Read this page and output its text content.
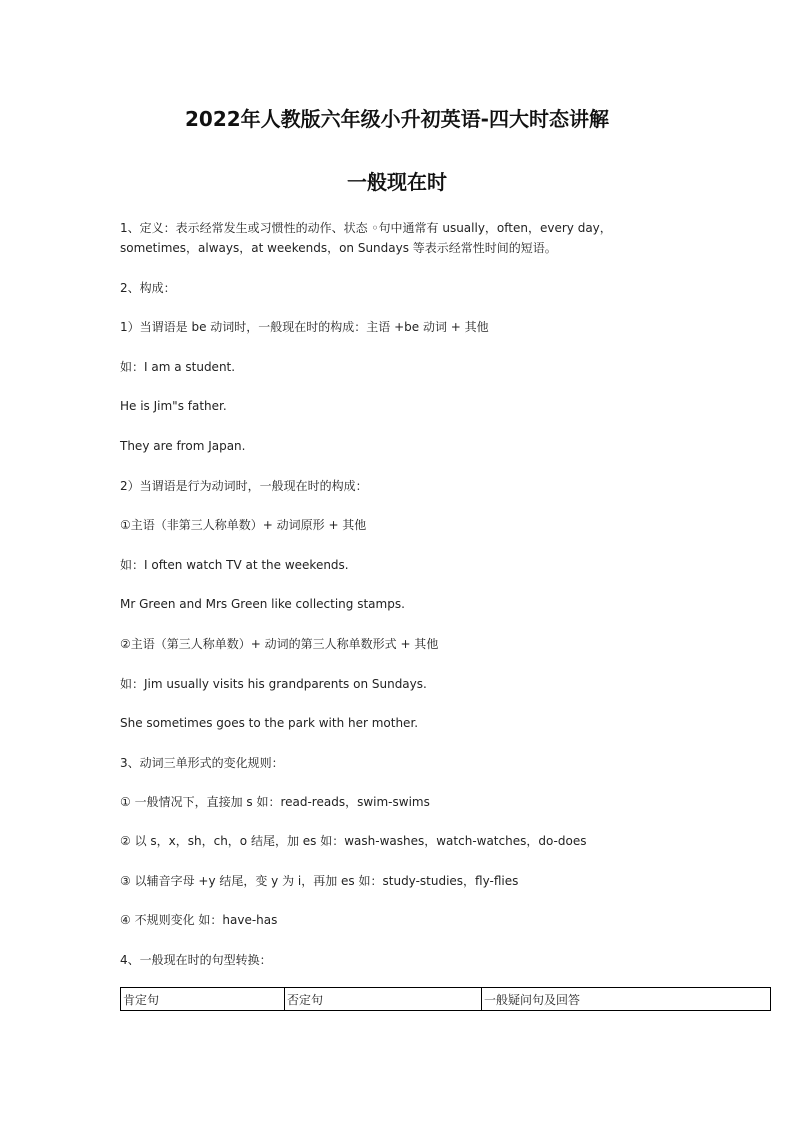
2022年人教版六年级小升初英语-四大时态讲解
一般现在时
1、定义：表示经常发生或习惯性的动作、状态 ◦句中通常有 usually，often，every day，
sometimes，always，at weekends，on Sundays 等表示经常性时间的短语。
2、构成：
1）当谓语是 be 动词时，一般现在时的构成：主语 +be 动词 + 其他
如：I am a student.
He is Jim"s father.
They are from Japan.
2）当谓语是行为动词时，一般现在时的构成：
①主语（非第三人称单数）+ 动词原形 + 其他
如：I often watch TV at the weekends.
Mr Green and Mrs Green like collecting stamps.
②主语（第三人称单数）+ 动词的第三人称单数形式 + 其他
如：Jim usually visits his grandparents on Sundays.
She sometimes goes to the park with her mother.
3、动词三单形式的变化规则：
① 一般情况下，直接加 s 如：read-reads，swim-swims
② 以 s，x，sh，ch，o 结尾，加 es 如：wash-washes，watch-watches，do-does
③ 以辅音字母 +y 结尾，变 y 为 i，再加 es 如：study-studies，fly-flies
④ 不规则变化 如：have-has
4、一般现在时的句型转换：
肯定句	否定句	一般疑问句及回答
